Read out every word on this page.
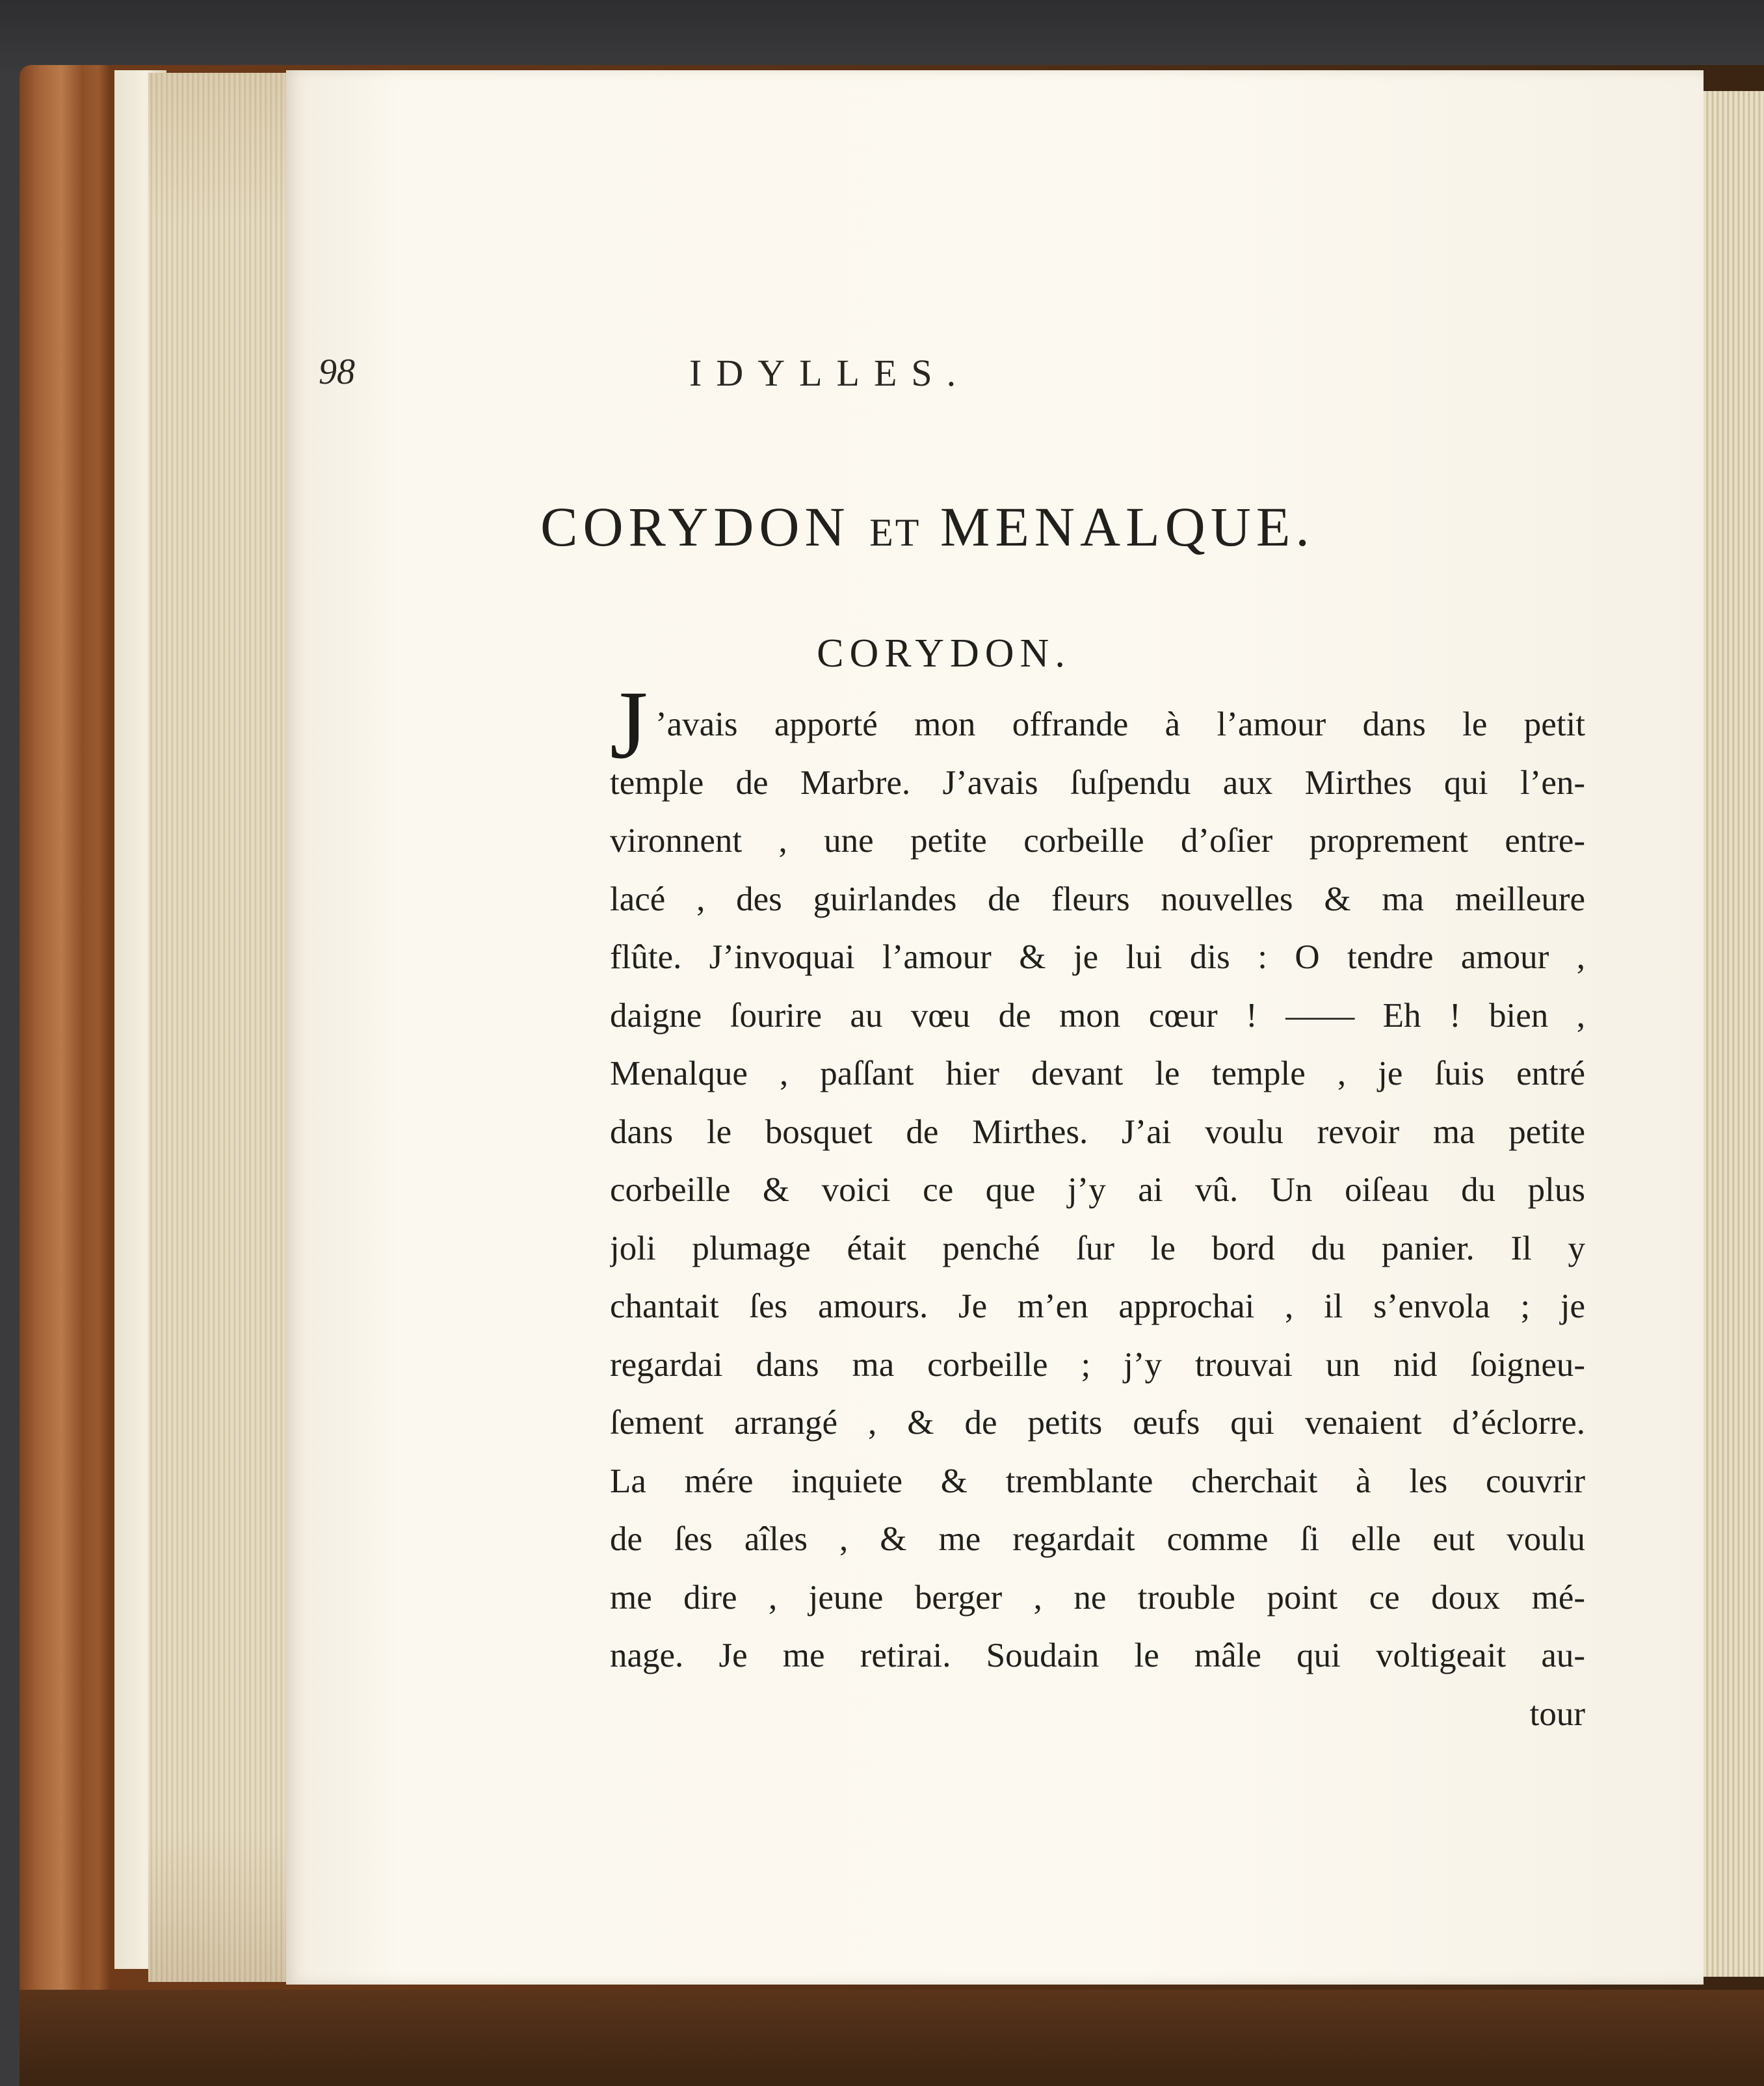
98	IDYLLES.
CORYDON ET MENALQUE.
CORYDON.
J ’avais apporté mon offrande à l’amour dans le petit
temple de Marbre. J’avais ſuſpendu aux Mirthes qui l’en-
vironnent , une petite corbeille d’oſier proprement entre-
lacé , des guirlandes de fleurs nouvelles & ma meilleure
flûte. J’invoquai l’amour & je lui dis : O tendre amour ,
daigne ſourire au vœu de mon cœur ! —— Eh ! bien ,
Menalque , paſſant hier devant le temple , je ſuis entré
dans le bosquet de Mirthes. J’ai voulu revoir ma petite
corbeille & voici ce que j’y ai vû. Un oiſeau du plus
joli plumage était penché ſur le bord du panier. Il y
chantait ſes amours. Je m’en approchai , il s’envola ; je
regardai dans ma corbeille ; j’y trouvai un nid ſoigneu-
ſement arrangé , & de petits œufs qui venaient d’éclorre.
La mére inquiete & tremblante cherchait à les couvrir
de ſes aîles , & me regardait comme ſi elle eut voulu
me dire , jeune berger , ne trouble point ce doux mé-
nage. Je me retirai. Soudain le mâle qui voltigeait au-
tour
